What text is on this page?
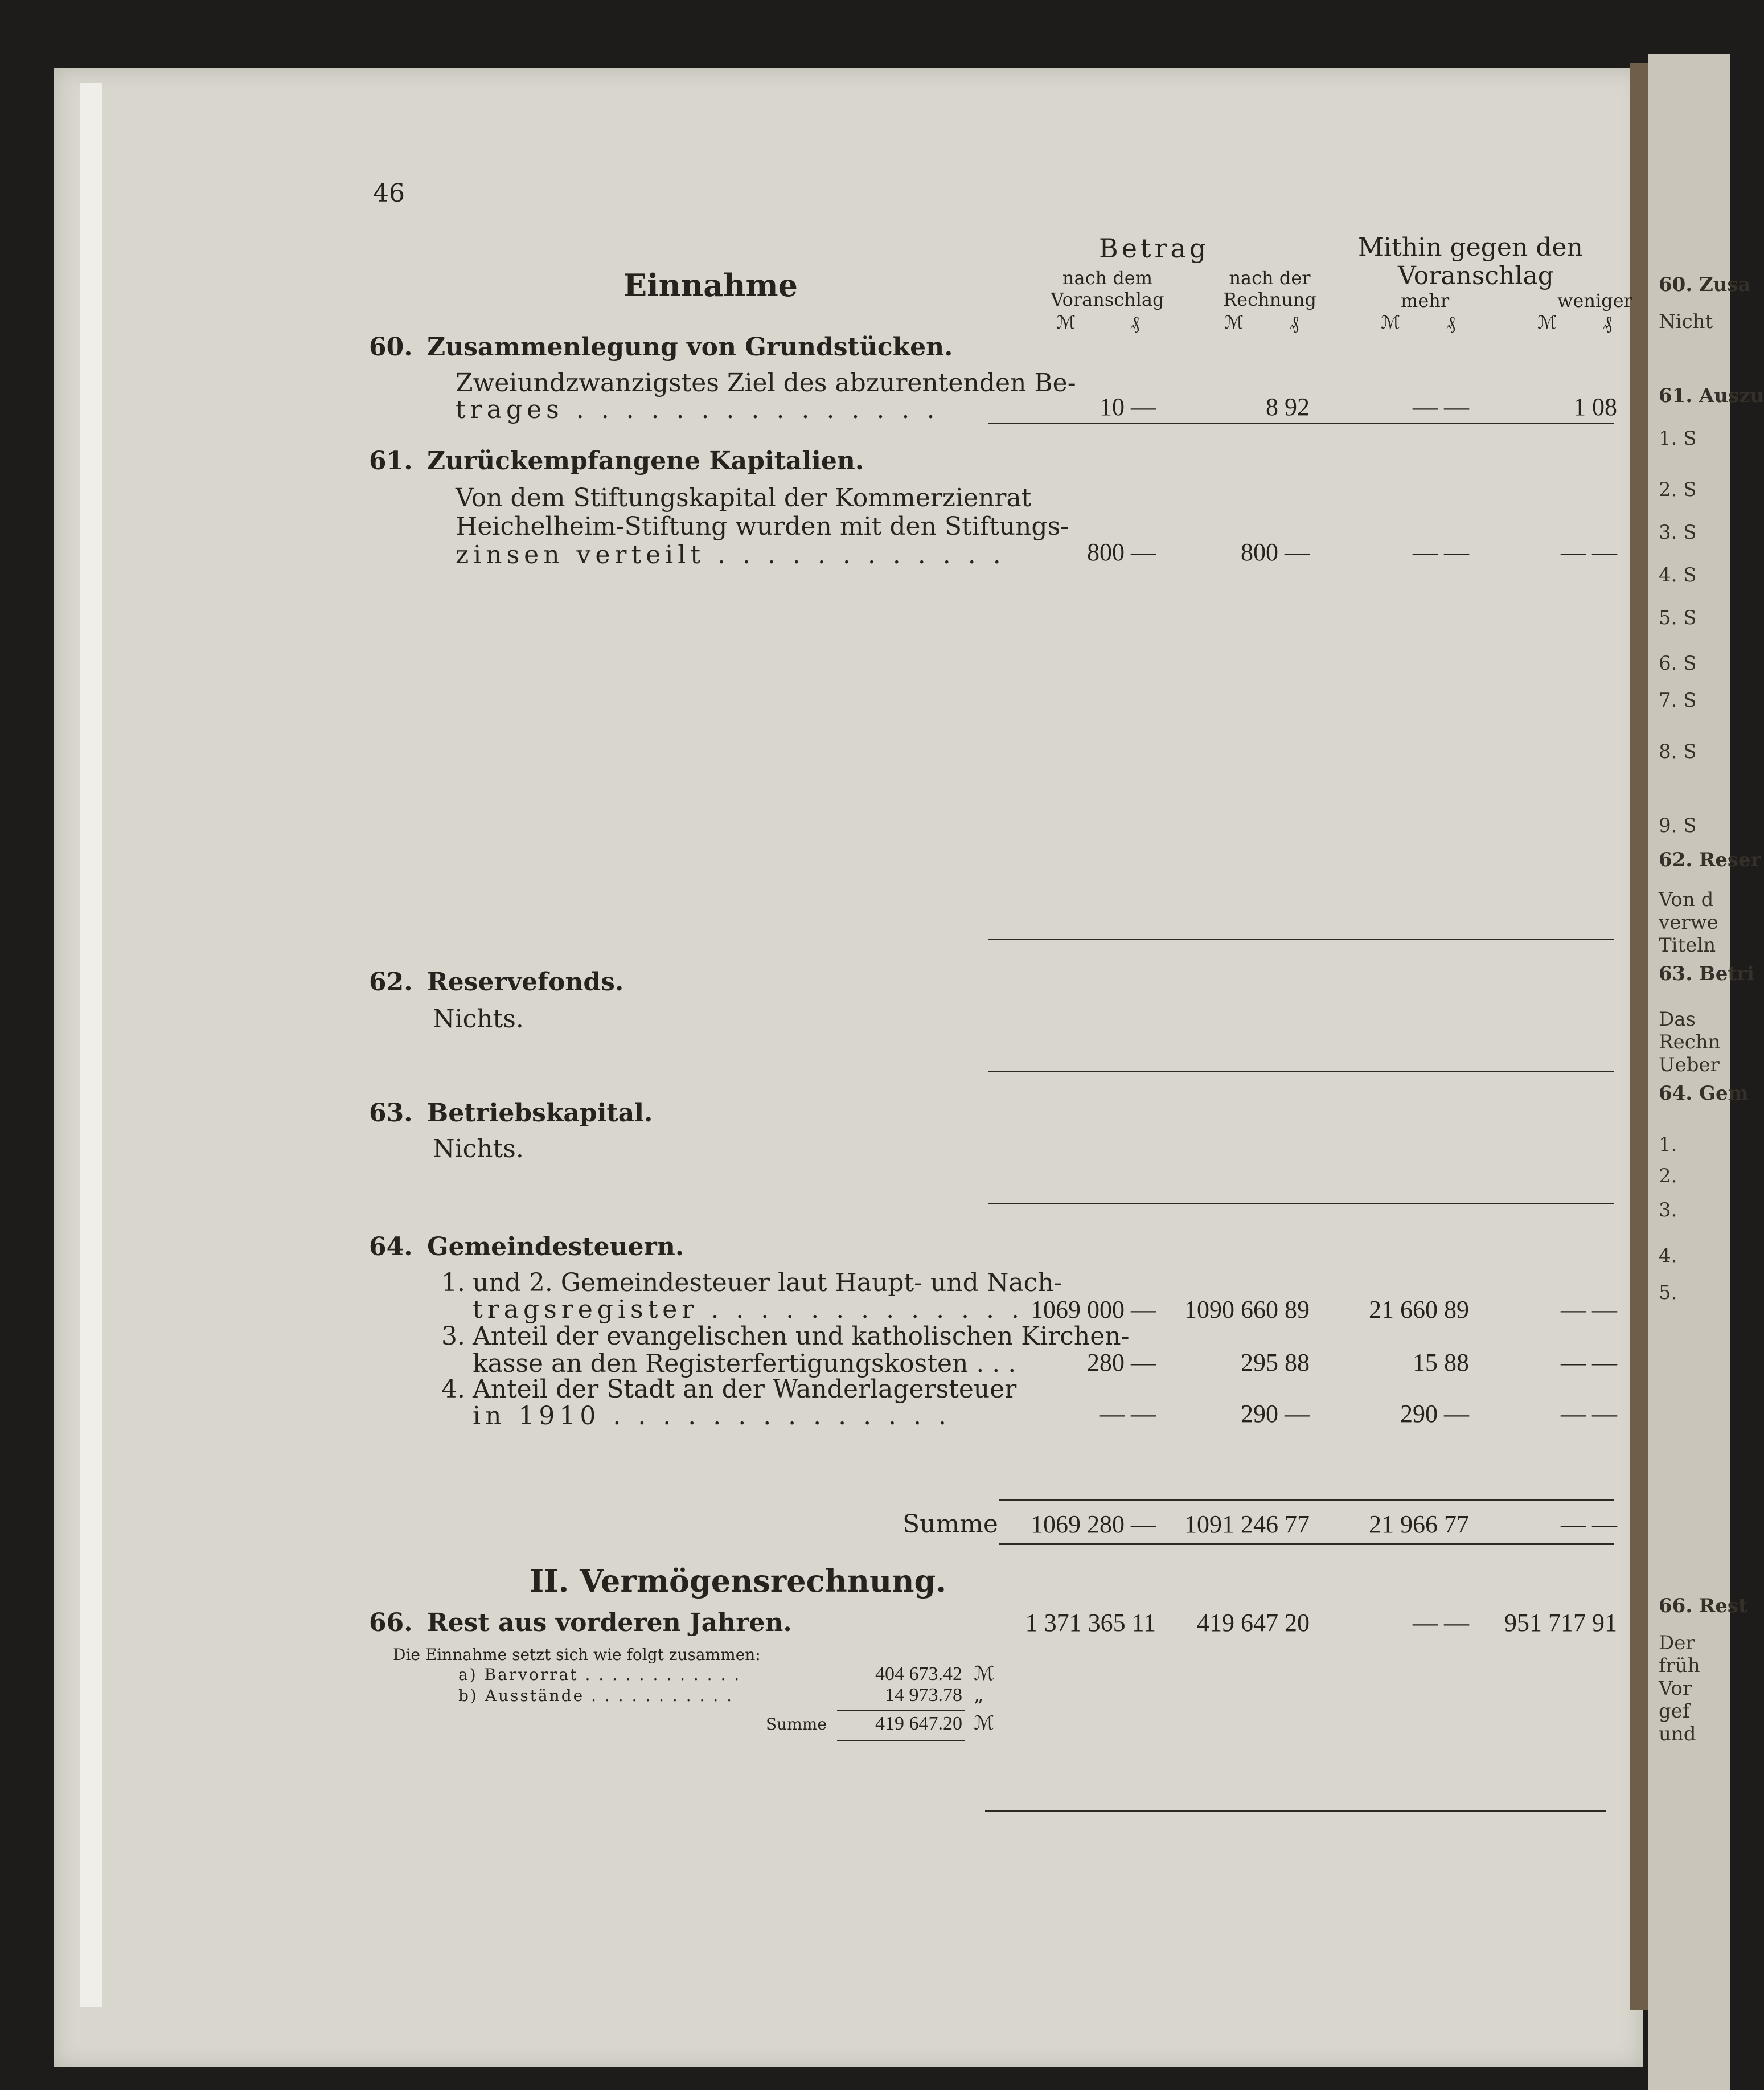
60. Zusa
Nicht
61. Auszu
1. S
2. S
3. S
4. S
5. S
6. S
7. S
8. S
9. S
62. Reser
Von d
verwe
Titeln
63. Betri
Das
Rechn
Ueber
64. Gem
1.
2.
3.
4.
5.
66. Rest
Der
früh
Vor
gef
und
46
Einnahme
Betrag
nach dem
Voranschlag
nach der
Rechnung
Mithin gegen den
Voranschlag
mehr	weniger
ℳ	₰	ℳ	₰	ℳ	₰	ℳ	₰
60. Zusammenlegung von Grundstücken.
Zweiundzwanzigstes Ziel des abzurentenden Be-
trages . . . . . . . . . . . . . . .	10 —	8 92	— —	1 08
61. Zurückempfangene Kapitalien.
Von dem Stiftungskapital der Kommerzienrat
Heichelheim-Stiftung wurden mit den Stiftungs-
zinsen verteilt . . . . . . . . . . . .	800 —	800 —	— —	— —
62. Reservefonds.
Nichts.
63. Betriebskapital.
Nichts.
64. Gemeindesteuern.
1. und 2. Gemeindesteuer laut Haupt- und Nach-
tragsregister . . . . . . . . . . . . . 1069 000 —	1090 660 89	21 660 89	— —
3. Anteil der evangelischen und katholischen Kirchen-
kasse an den Registerfertigungskosten . . .	280 —	295 88	15 88	— —
4. Anteil der Stadt an der Wanderlagersteuer
in 1910 . . . . . . . . . . . . . .	— —	290 —	290 —	— —
Summe	1069 280 —	1091 246 77	21 966 77	— —
II. Vermögensrechnung.
66. Rest aus vorderen Jahren.	1 371 365 11	419 647 20	— —	951 717 91
Die Einnahme setzt sich wie folgt zusammen:
a) Barvorrat . . . . . . . . . . . .	404 673.42 ℳ
b) Ausstände . . . . . . . . . . .	14 973.78 „
Summe	419 647.20 ℳ
